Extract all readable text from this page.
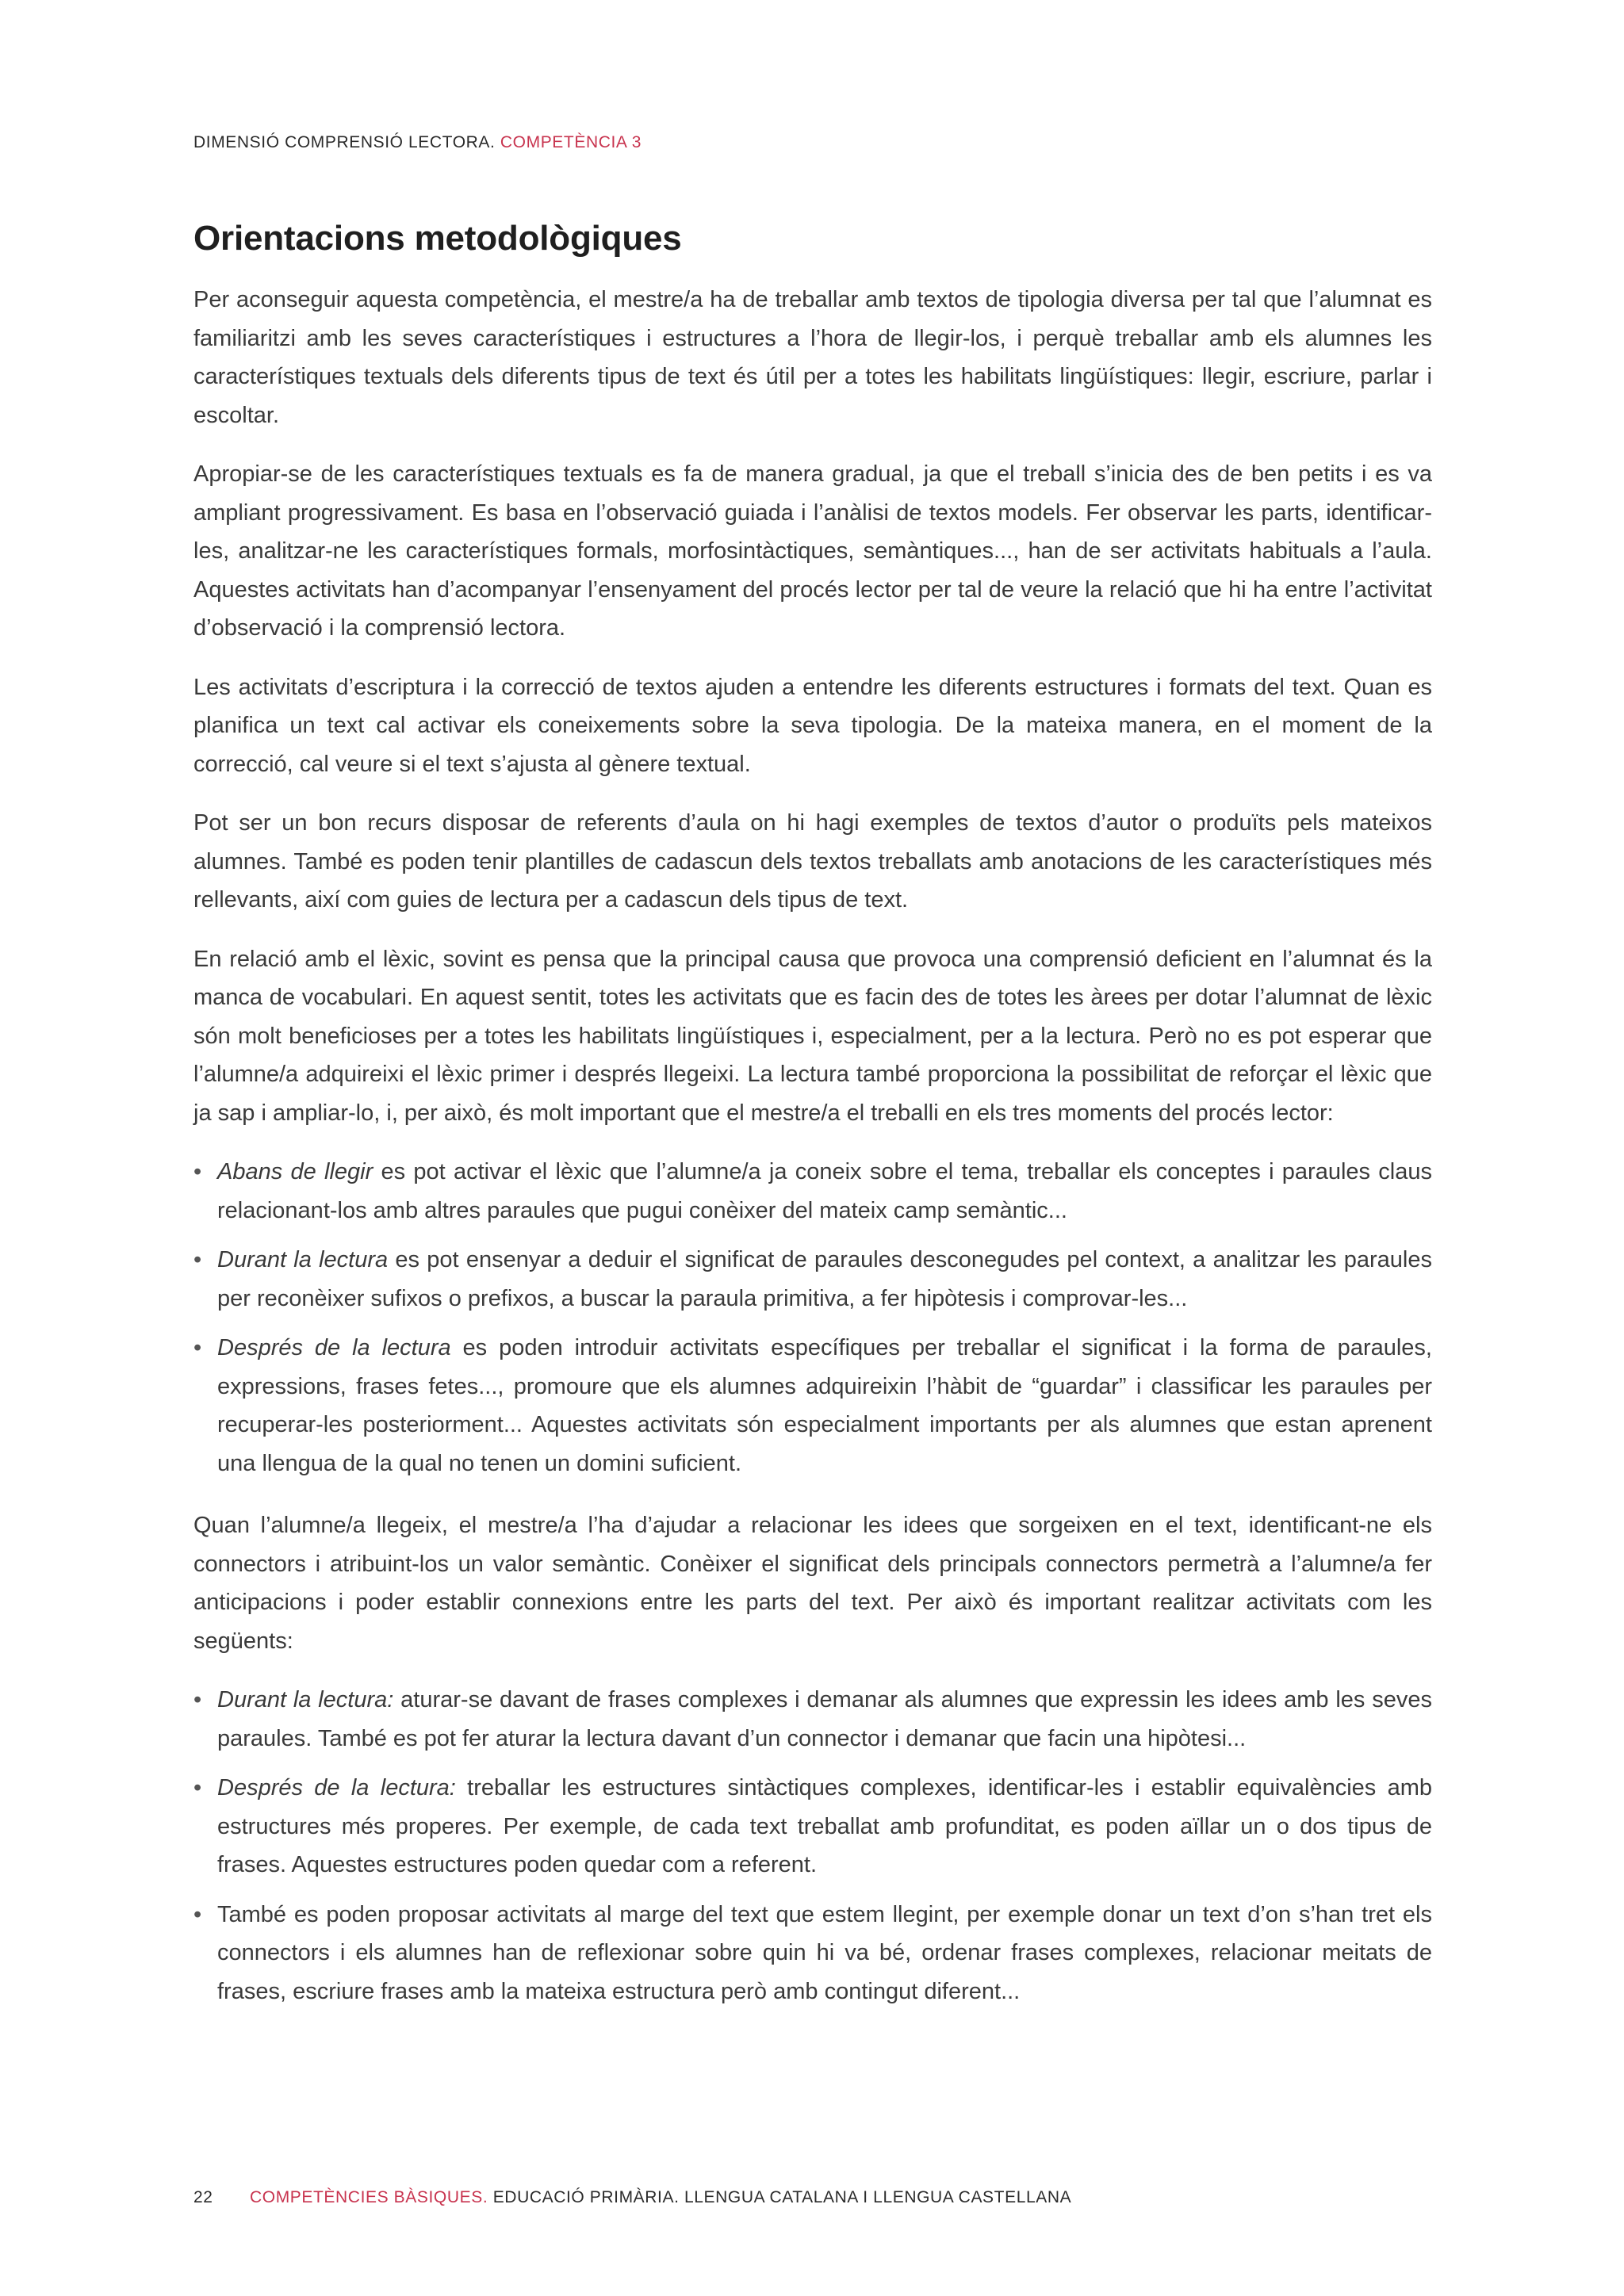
DIMENSIÓ COMPRENSIÓ LECTORA. COMPETÈNCIA 3
Orientacions metodològiques

Per aconseguir aquesta competència, el mestre/a ha de treballar amb textos de tipologia diversa per tal que l’alumnat es familiaritzi amb les seves característiques i estructures a l’hora de llegir-los, i perquè treballar amb els alumnes les característiques textuals dels diferents tipus de text és útil per a totes les habilitats lingüístiques: llegir, escriure, parlar i escoltar.

Apropiar-se de les característiques textuals es fa de manera gradual, ja que el treball s’inicia des de ben petits i es va ampliant progressivament. Es basa en l’observació guiada i l’anàlisi de textos models. Fer observar les parts, identificar-les, analitzar-ne les característiques formals, morfosintàctiques, semàntiques..., han de ser activitats habituals a l’aula. Aquestes activitats han d’acompanyar l’ensenyament del procés lector per tal de veure la relació que hi ha entre l’activitat d’observació i la comprensió lectora.

Les activitats d’escriptura i la correcció de textos ajuden a entendre les diferents estructures i formats del text. Quan es planifica un text cal activar els coneixements sobre la seva tipologia. De la mateixa manera, en el moment de la correcció, cal veure si el text s’ajusta al gènere textual.

Pot ser un bon recurs disposar de referents d’aula on hi hagi exemples de textos d’autor o produïts pels mateixos alumnes. També es poden tenir plantilles de cadascun dels textos treballats amb anotacions de les característiques més rellevants, així com guies de lectura per a cadascun dels tipus de text.

En relació amb el lèxic, sovint es pensa que la principal causa que provoca una comprensió deficient en l’alumnat és la manca de vocabulari. En aquest sentit, totes les activitats que es facin des de totes les àrees per dotar l’alumnat de lèxic són molt beneficioses per a totes les habilitats lingüístiques i, especialment, per a la lectura. Però no es pot esperar que l’alumne/a adquireixi el lèxic primer i després llegeixi. La lectura també proporciona la possibilitat de reforçar el lèxic que ja sap i ampliar-lo, i, per això, és molt important que el mestre/a el treballi en els tres moments del procés lector:

• Abans de llegir es pot activar el lèxic que l’alumne/a ja coneix sobre el tema, treballar els conceptes i paraules claus relacionant-los amb altres paraules que pugui conèixer del mateix camp semàntic...
• Durant la lectura es pot ensenyar a deduir el significat de paraules desconegudes pel context, a analitzar les paraules per reconèixer sufixos o prefixos, a buscar la paraula primitiva, a fer hipòtesis i comprovar-les...
• Després de la lectura es poden introduir activitats específiques per treballar el significat i la forma de paraules, expressions, frases fetes..., promoure que els alumnes adquireixin l’hàbit de “guardar” i classificar les paraules per recuperar-les posteriorment... Aquestes activitats són especialment importants per als alumnes que estan aprenent una llengua de la qual no tenen un domini suficient.

Quan l’alumne/a llegeix, el mestre/a l’ha d’ajudar a relacionar les idees que sorgeixen en el text, identificant-ne els connectors i atribuint-los un valor semàntic. Conèixer el significat dels principals connectors permetrà a l’alumne/a fer anticipacions i poder establir connexions entre les parts del text. Per això és important realitzar activitats com les següents:

• Durant la lectura: aturar-se davant de frases complexes i demanar als alumnes que expressin les idees amb les seves paraules. També es pot fer aturar la lectura davant d’un connector i demanar que facin una hipòtesi...
• Després de la lectura: treballar les estructures sintàctiques complexes, identificar-les i establir equivalències amb estructures més properes. Per exemple, de cada text treballat amb profunditat, es poden aïllar un o dos tipus de frases. Aquestes estructures poden quedar com a referent.
• També es poden proposar activitats al marge del text que estem llegint, per exemple donar un text d’on s’han tret els connectors i els alumnes han de reflexionar sobre quin hi va bé, ordenar frases complexes, relacionar meitats de frases, escriure frases amb la mateixa estructura però amb contingut diferent...
22 COMPETÈNCIES BÀSIQUES. EDUCACIÓ PRIMÀRIA. LLENGUA CATALANA I LLENGUA CASTELLANA
